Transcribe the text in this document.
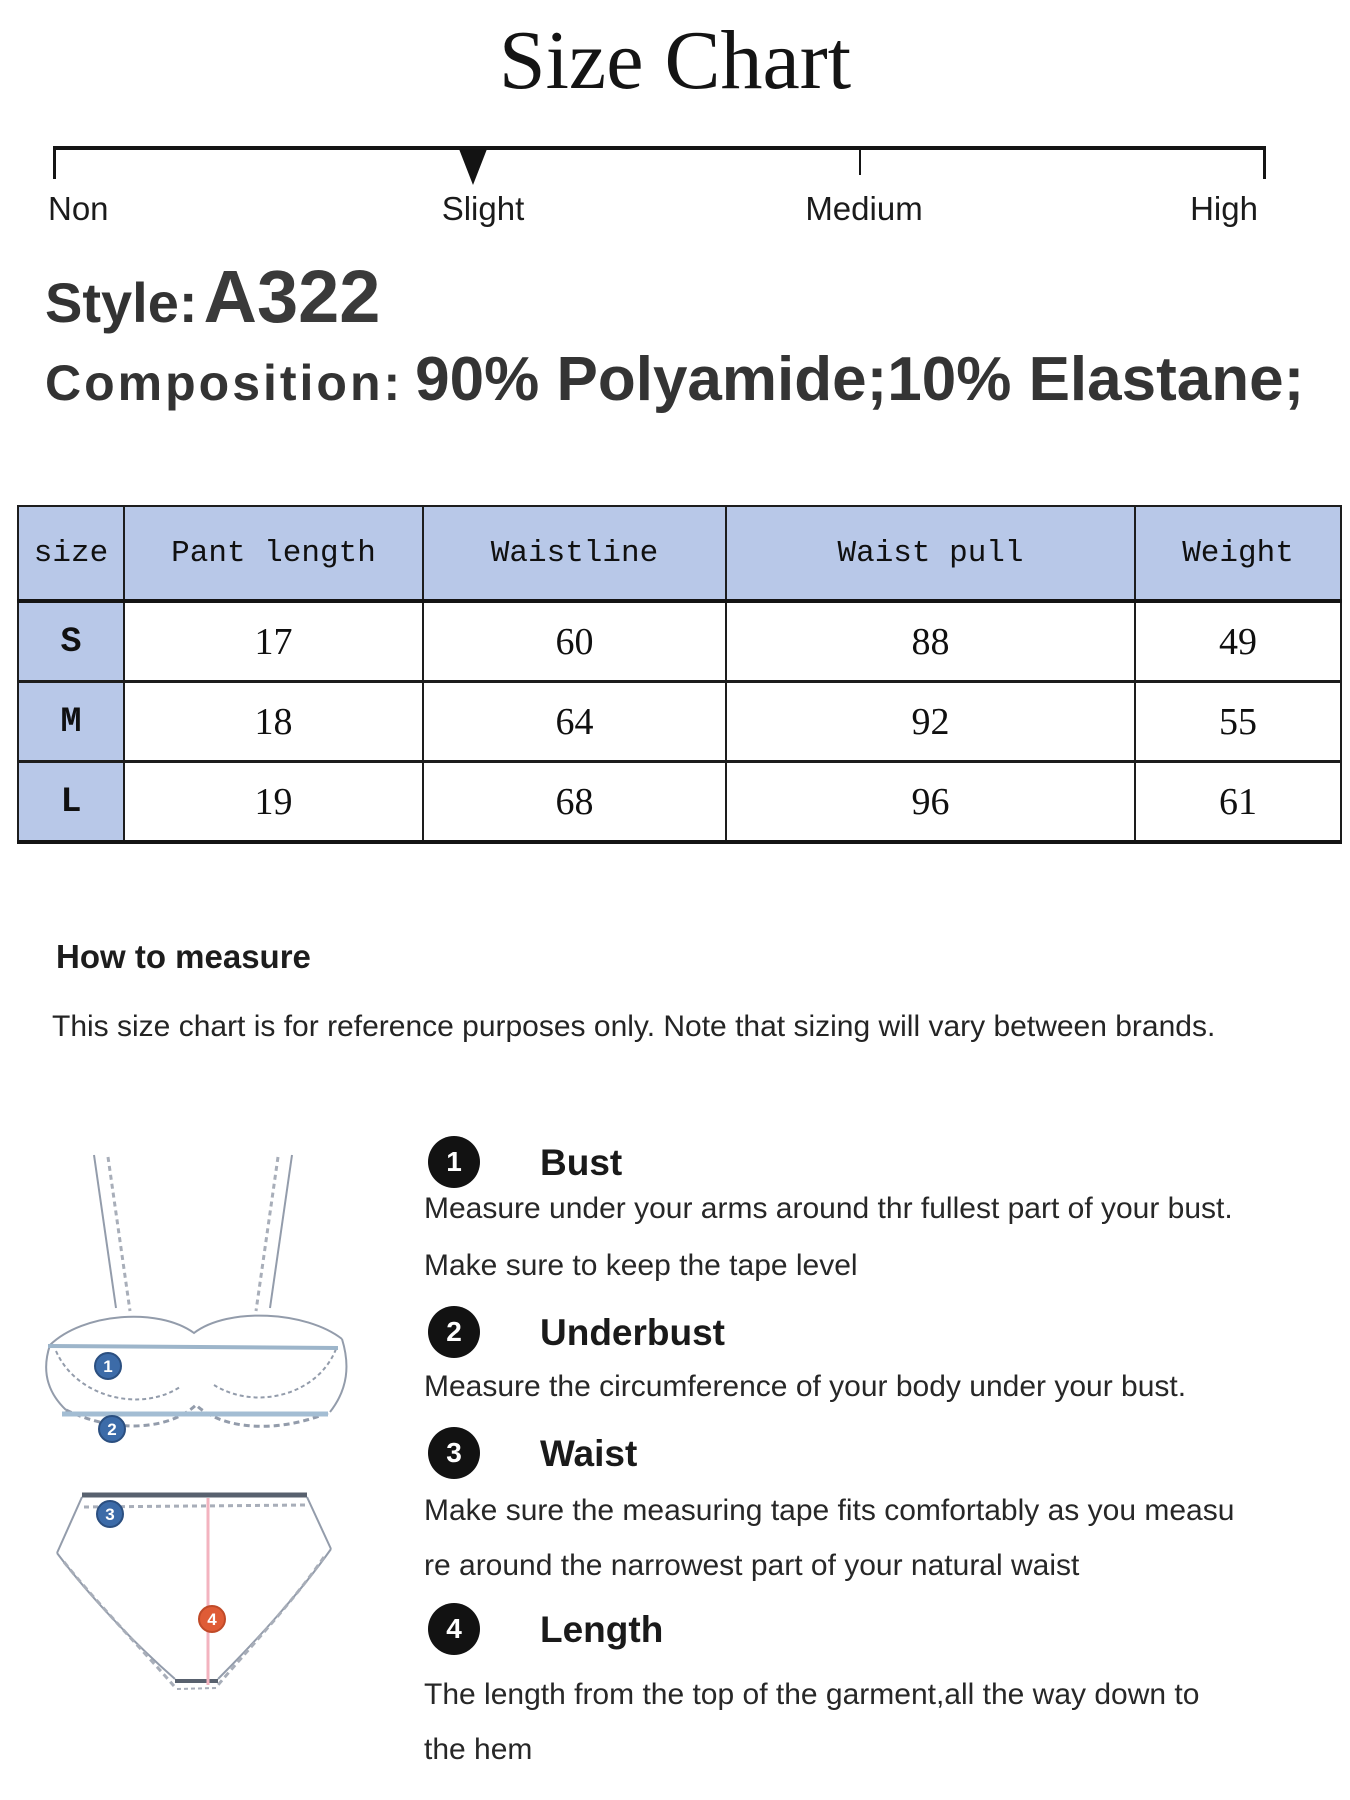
Size Chart
Non	Slight	Medium	High
Style: A322
Composition: 90% Polyamide;10% Elastane;
size	Pant length	Waistline	Waist pull	Weight
S	17	60	88	49
M	18	64	92	55
L	19	68	96	61
How to measure
This size chart is for reference purposes only. Note that sizing will vary between brands.
1
2
3
4
1	Bust
Measure under your arms around thr fullest part of your bust.
Make sure to keep the tape level
2	Underbust
Measure the circumference of your body under your bust.
3	Waist
Make sure the measuring tape fits comfortably as you measu
re around the narrowest part of your natural waist
4	Length
The length from the top of the garment,all the way down to
the hem
